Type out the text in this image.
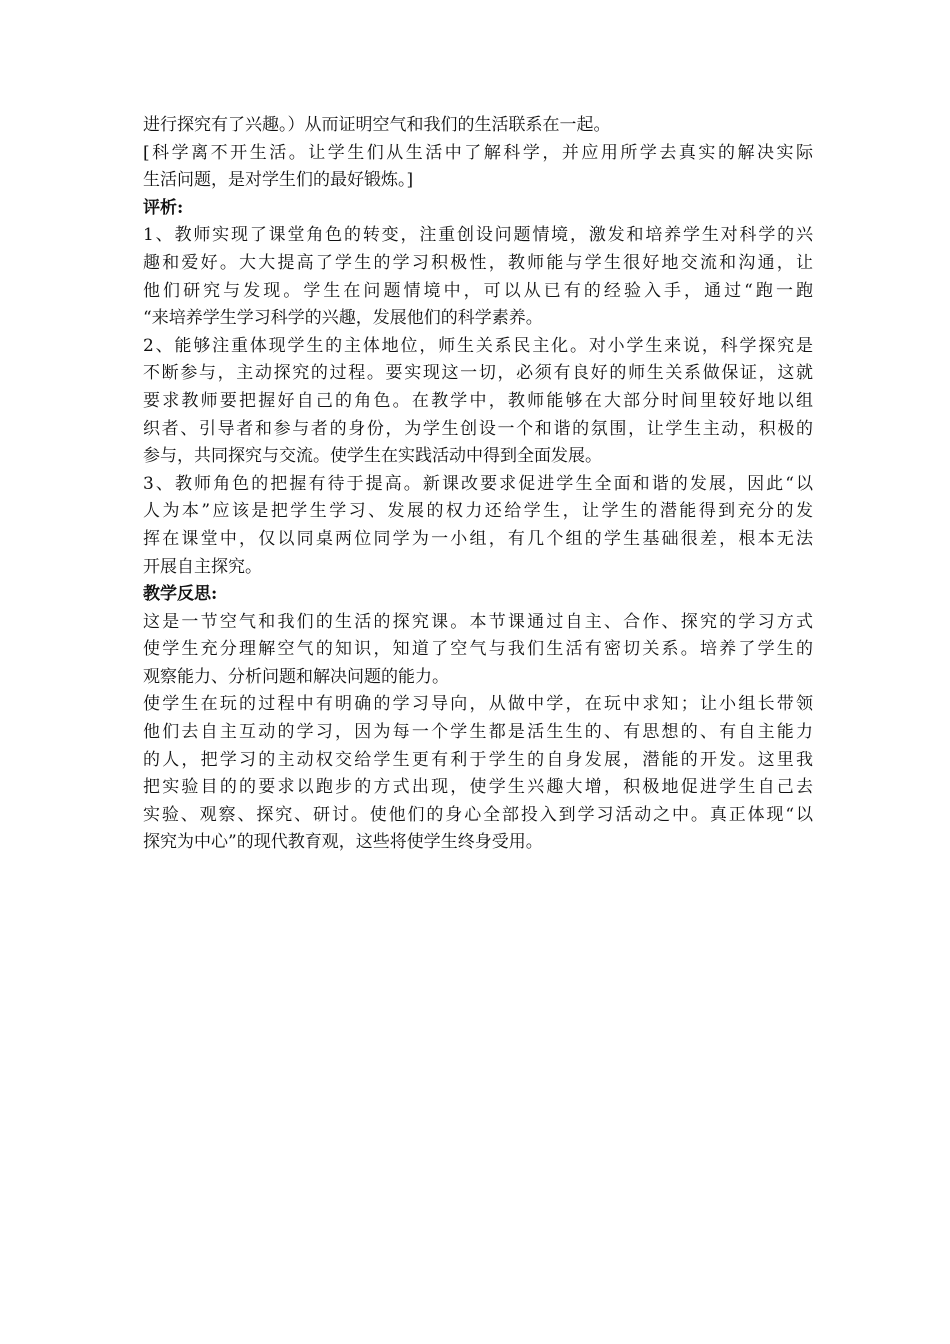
进行探究有了兴趣。）从而证明空气和我们的生活联系在一起。
[科学离不开生活。让学生们从生活中了解科学，并应用所学去真实的解决实际
生活问题，是对学生们的最好锻炼。]
评析:
1、教师实现了课堂角色的转变，注重创设问题情境，激发和培养学生对科学的兴
趣和爱好。大大提高了学生的学习积极性，教师能与学生很好地交流和沟通，让
他们研究与发现。学生在问题情境中，可以从已有的经验入手，通过“跑一跑
“来培养学生学习科学的兴趣，发展他们的科学素养。
2、能够注重体现学生的主体地位，师生关系民主化。对小学生来说，科学探究是
不断参与，主动探究的过程。要实现这一切，必须有良好的师生关系做保证，这就
要求教师要把握好自己的角色。在教学中，教师能够在大部分时间里较好地以组
织者、引导者和参与者的身份，为学生创设一个和谐的氛围，让学生主动，积极的
参与，共同探究与交流。使学生在实践活动中得到全面发展。
3、教师角色的把握有待于提高。新课改要求促进学生全面和谐的发展，因此“以
人为本”应该是把学生学习、发展的权力还给学生，让学生的潜能得到充分的发
挥在课堂中，仅以同桌两位同学为一小组，有几个组的学生基础很差，根本无法
开展自主探究。
教学反思:
这是一节空气和我们的生活的探究课。本节课通过自主、合作、探究的学习方式
使学生充分理解空气的知识，知道了空气与我们生活有密切关系。培养了学生的
观察能力、分析问题和解决问题的能力。
使学生在玩的过程中有明确的学习导向，从做中学，在玩中求知；让小组长带领
他们去自主互动的学习，因为每一个学生都是活生生的、有思想的、有自主能力
的人，把学习的主动权交给学生更有利于学生的自身发展，潜能的开发。这里我
把实验目的的要求以跑步的方式出现，使学生兴趣大增，积极地促进学生自己去
实验、观察、探究、研讨。使他们的身心全部投入到学习活动之中。真正体现“以
探究为中心”的现代教育观，这些将使学生终身受用。
